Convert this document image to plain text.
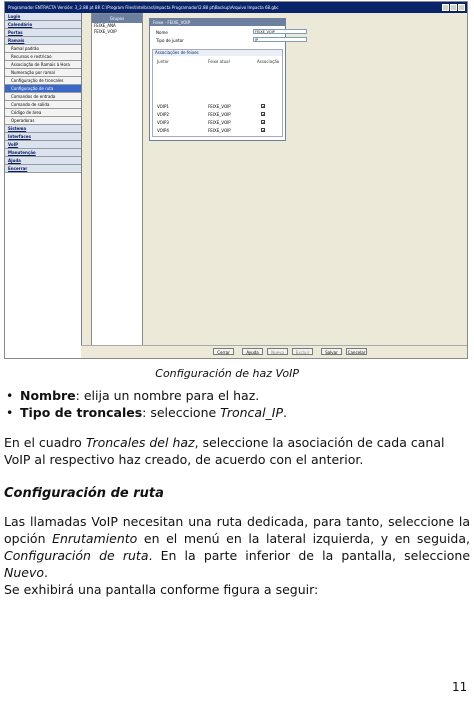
Programador ENTRACTA Versión: 3_2.88 pt BR C:\Program Files\Intelbras\Impacta Programador\2.88 pt\Backup\Arquivo Impacta 68.gbc
Login
Calendário
Portas
Ramais
Ramal padrão
Recursos e restricao
Associação de Ramais à Hora
Numeração por ramal
Configuração de troncales
Configuração de ruta
Comandos de entrada
Comando de salida
Código de área
Operadoras
Sistema
Interfaces
VoIP
Manutenção
Ajuda
Encerrar
Grupos
FEIXE_ANA
FEIXE_VOIP
Feixe - FEIXE_VOIP
Nome	FEIXE_VOIP
Tipo de juntor	IP
Associações de feixes
Juntor	Feixe atual	Associação
VOIP1	FEIXE_VOIP	✔
VOIP2	FEIXE_VOIP	✔
VOIP3	FEIXE_VOIP	✔
VOIP4	FEIXE_VOIP	✔
Cerrar	Ayuda	Nuevo	Excluir	Salvar	Cancelar
Configuración de haz VoIP
• Nombre: elija un nombre para el haz.
• Tipo de troncales: seleccione Troncal_IP.
En el cuadro Troncales del haz, seleccione la asociación de cada canal VoIP al respectivo haz creado, de acuerdo con el anterior.
Configuración de ruta
Las llamadas VoIP necesitan una ruta dedicada, para tanto, seleccione la opción Enrutamiento en el menú en la lateral izquierda, y en seguida, Configuración de ruta. En la parte inferior de la pantalla, seleccione Nuevo.
Se exhibirá una pantalla conforme figura a seguir:
11
